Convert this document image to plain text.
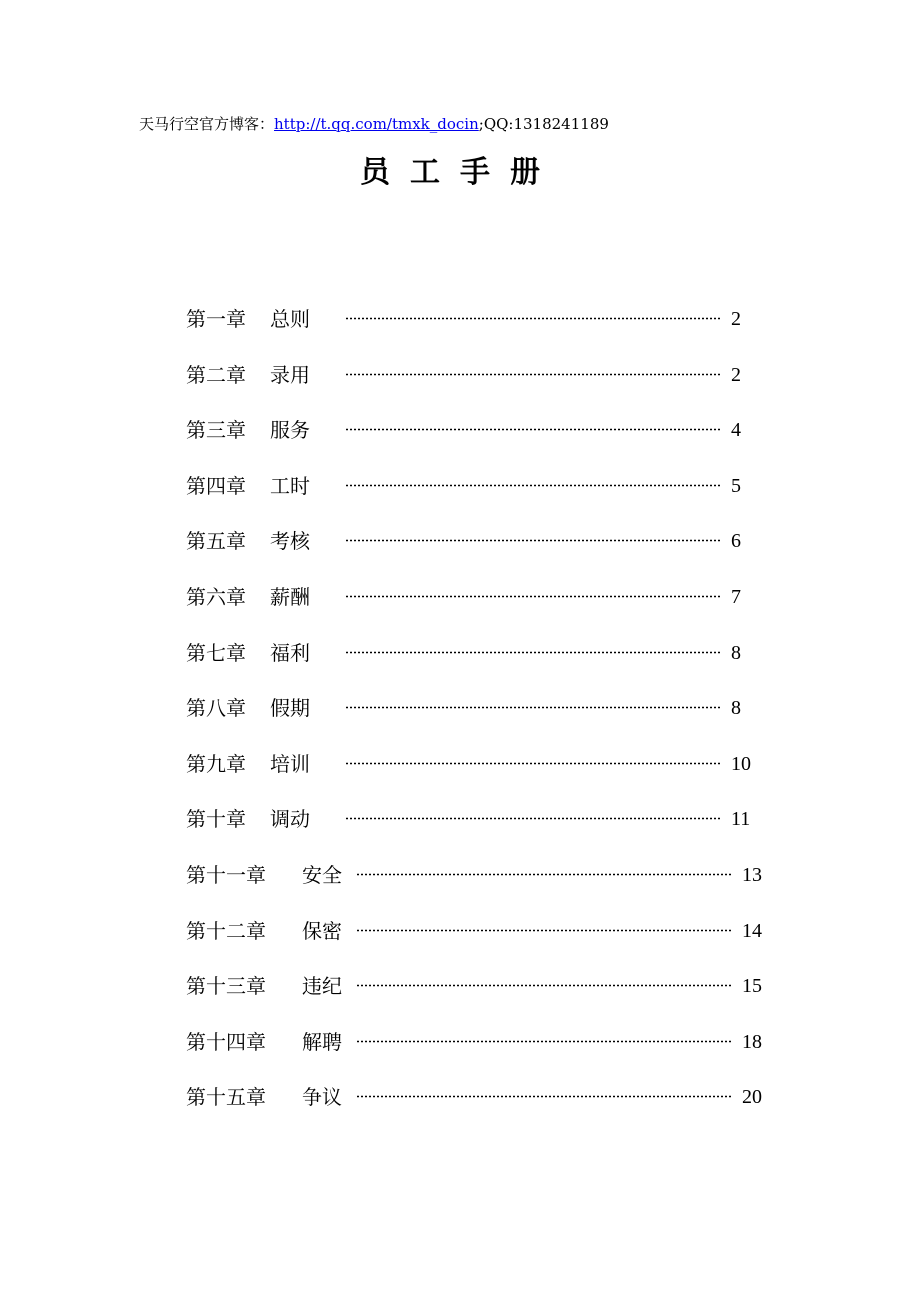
天马行空官方博客：http://t.qq.com/tmxk_docin;QQ:1318241189
员工手册
第一章 总则	2
第二章 录用	2
第三章 服务	4
第四章 工时	5
第五章 考核	6
第六章 薪酬	7
第七章 福利	8
第八章 假期	8
第九章 培训	10
第十章 调动	11
第十一章 安全	13
第十二章 保密	14
第十三章 违纪	15
第十四章 解聘	18
第十五章 争议	20
